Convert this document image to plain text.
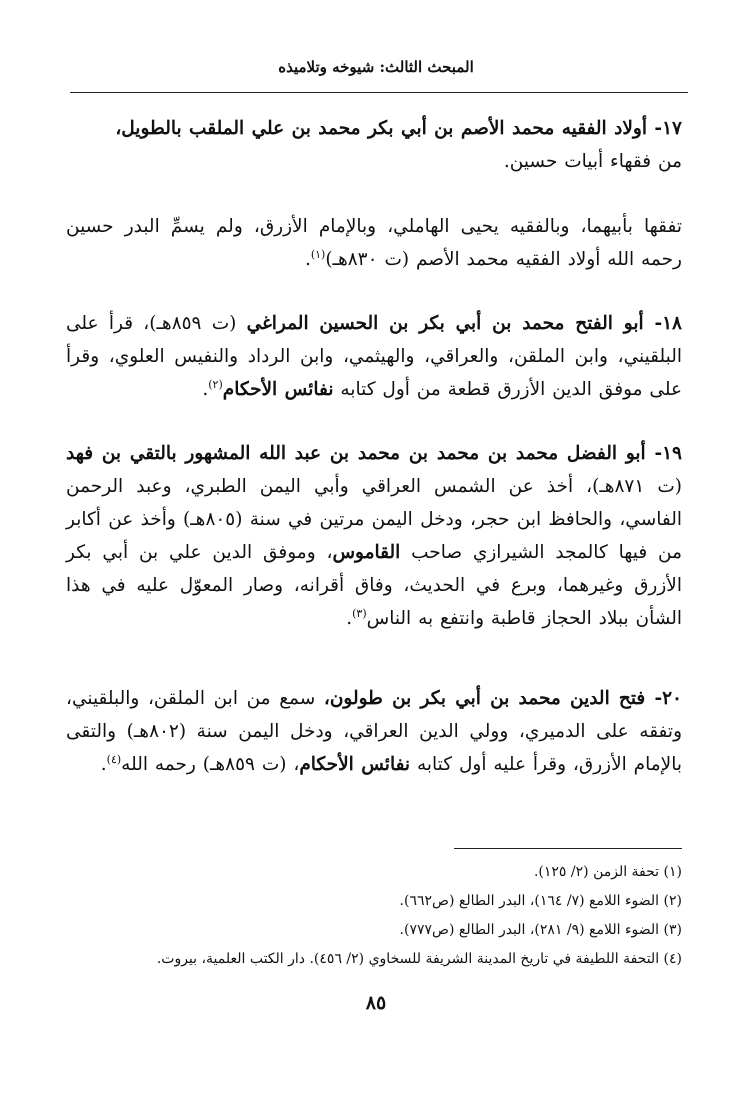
المبحث الثالث: شيوخه وتلاميذه
١٧- أولاد الفقيه محمد الأصم بن أبي بكر محمد بن علي الملقب بالطويل،
من فقهاء أبيات حسين.
تفقها بأبيهما، وبالفقيه يحيى الهاملي، وبالإمام الأزرق، ولم يسمِّ البدر حسين رحمه الله أولاد الفقيه محمد الأصم (ت ٨٣٠هـ)$^{(١)}$.
١٨- أبو الفتح محمد بن أبي بكر بن الحسين المراغي (ت ٨٥٩هـ)، قرأ على البلقيني، وابن الملقن، والعراقي، والهيثمي، وابن الرداد والنفيس العلوي، وقرأ على موفق الدين الأزرق قطعة من أول كتابه نفائس الأحكام$^{(٢)}$.
١٩- أبو الفضل محمد بن محمد بن محمد بن عبد الله المشهور بالتقي بن فهد (ت ٨٧١هـ)، أخذ عن الشمس العراقي وأبي اليمن الطبري، وعبد الرحمن الفاسي، والحافظ ابن حجر، ودخل اليمن مرتين في سنة (٨٠٥هـ) وأخذ عن أكابر من فيها كالمجد الشيرازي صاحب القاموس، وموفق الدين علي بن أبي بكر الأزرق وغيرهما، وبرع في الحديث، وفاق أقرانه، وصار المعوّل عليه في هذا الشأن ببلاد الحجاز قاطبة وانتفع به الناس$^{(٣)}$.
٢٠- فتح الدين محمد بن أبي بكر بن طولون، سمع من ابن الملقن، والبلقيني، وتفقه على الدميري، وولي الدين العراقي، ودخل اليمن سنة (٨٠٢هـ) والتقى بالإمام الأزرق، وقرأ عليه أول كتابه نفائس الأحكام، (ت ٨٥٩هـ) رحمه الله$^{(٤)}$.
(١) تحفة الزمن (٢/ ١٢٥).
(٢) الضوء اللامع (٧/ ١٦٤)، البدر الطالع (ص٦٦٢).
(٣) الضوء اللامع (٩/ ٢٨١)، البدر الطالع (ص٧٧٧).
(٤) التحفة اللطيفة في تاريخ المدينة الشريفة للسخاوي (٢/ ٤٥٦). دار الكتب العلمية، بيروت.
٨٥
